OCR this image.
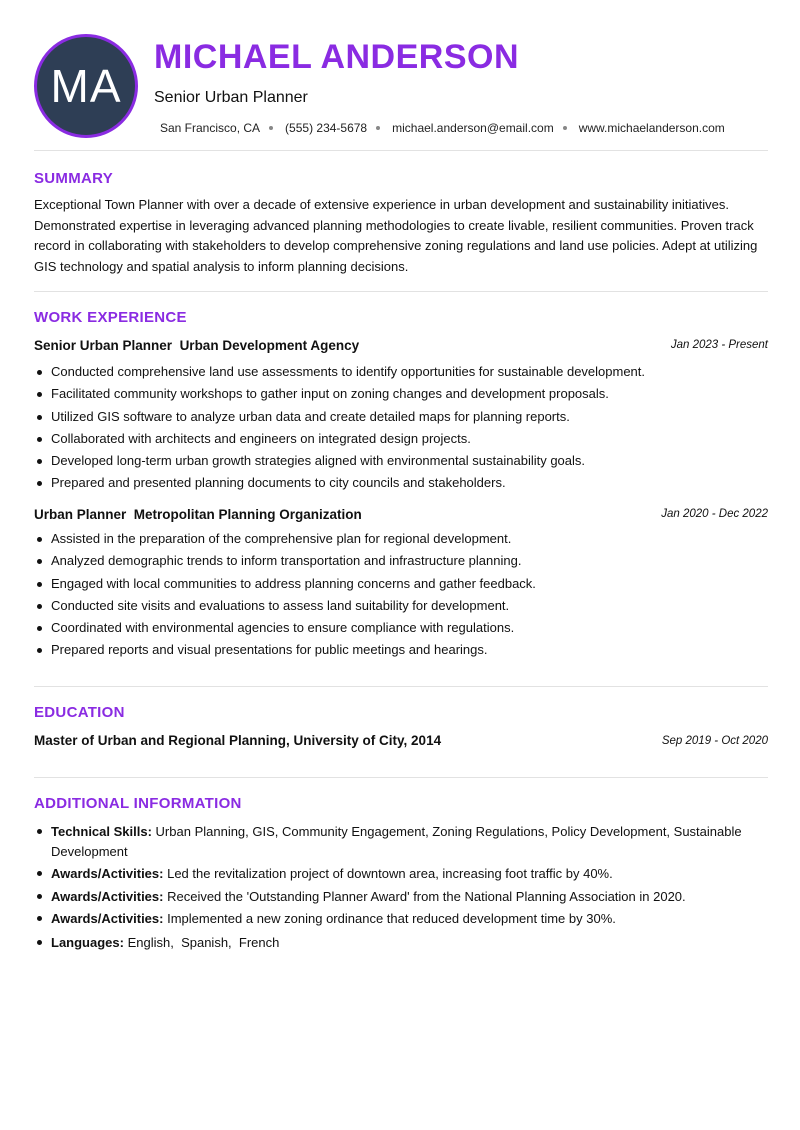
MA
MICHAEL ANDERSON
Senior Urban Planner
San Francisco, CA (555) 234-5678 michael.anderson@email.com www.michaelanderson.com
SUMMARY
Exceptional Town Planner with over a decade of extensive experience in urban development and sustainability initiatives. Demonstrated expertise in leveraging advanced planning methodologies to create livable, resilient communities. Proven track record in collaborating with stakeholders to develop comprehensive zoning regulations and land use policies. Adept at utilizing GIS technology and spatial analysis to inform planning decisions.
WORK EXPERIENCE
Senior Urban Planner Urban Development Agency	Jan 2023 - Present
Conducted comprehensive land use assessments to identify opportunities for sustainable development.
Facilitated community workshops to gather input on zoning changes and development proposals.
Utilized GIS software to analyze urban data and create detailed maps for planning reports.
Collaborated with architects and engineers on integrated design projects.
Developed long-term urban growth strategies aligned with environmental sustainability goals.
Prepared and presented planning documents to city councils and stakeholders.
Urban Planner Metropolitan Planning Organization	Jan 2020 - Dec 2022
Assisted in the preparation of the comprehensive plan for regional development.
Analyzed demographic trends to inform transportation and infrastructure planning.
Engaged with local communities to address planning concerns and gather feedback.
Conducted site visits and evaluations to assess land suitability for development.
Coordinated with environmental agencies to ensure compliance with regulations.
Prepared reports and visual presentations for public meetings and hearings.
EDUCATION
Master of Urban and Regional Planning, University of City, 2014	Sep 2019 - Oct 2020
ADDITIONAL INFORMATION
Technical Skills: Urban Planning, GIS, Community Engagement, Zoning Regulations, Policy Development, Sustainable Development
Awards/Activities: Led the revitalization project of downtown area, increasing foot traffic by 40%.
Awards/Activities: Received the 'Outstanding Planner Award' from the National Planning Association in 2020.
Awards/Activities: Implemented a new zoning ordinance that reduced development time by 30%.
Languages: English,  Spanish,  French
